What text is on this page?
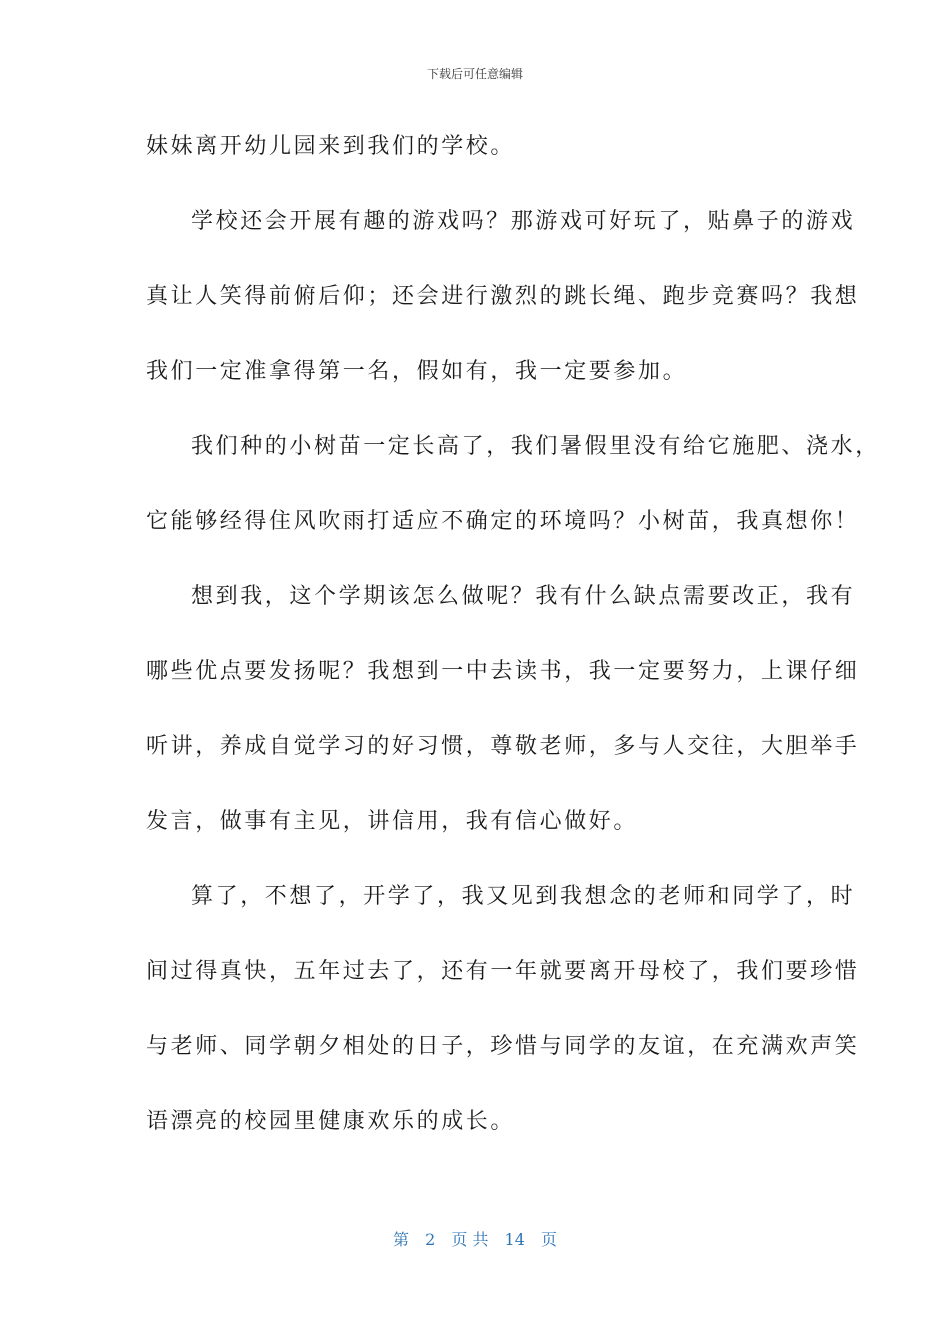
下载后可任意编辑
妹妹离开幼儿园来到我们的学校。
学校还会开展有趣的游戏吗？那游戏可好玩了，贴鼻子的游戏
真让人笑得前俯后仰；还会进行激烈的跳长绳、跑步竞赛吗？我想
我们一定准拿得第一名，假如有，我一定要参加。
我们种的小树苗一定长高了，我们暑假里没有给它施肥、浇水，
它能够经得住风吹雨打适应不确定的环境吗？小树苗，我真想你！
想到我，这个学期该怎么做呢？我有什么缺点需要改正，我有
哪些优点要发扬呢？我想到一中去读书，我一定要努力，上课仔细
听讲，养成自觉学习的好习惯，尊敬老师，多与人交往，大胆举手
发言，做事有主见，讲信用，我有信心做好。
算了，不想了，开学了，我又见到我想念的老师和同学了，时
间过得真快，五年过去了，还有一年就要离开母校了，我们要珍惜
与老师、同学朝夕相处的日子，珍惜与同学的友谊，在充满欢声笑
语漂亮的校园里健康欢乐的成长。
第 2 页 共 14 页
